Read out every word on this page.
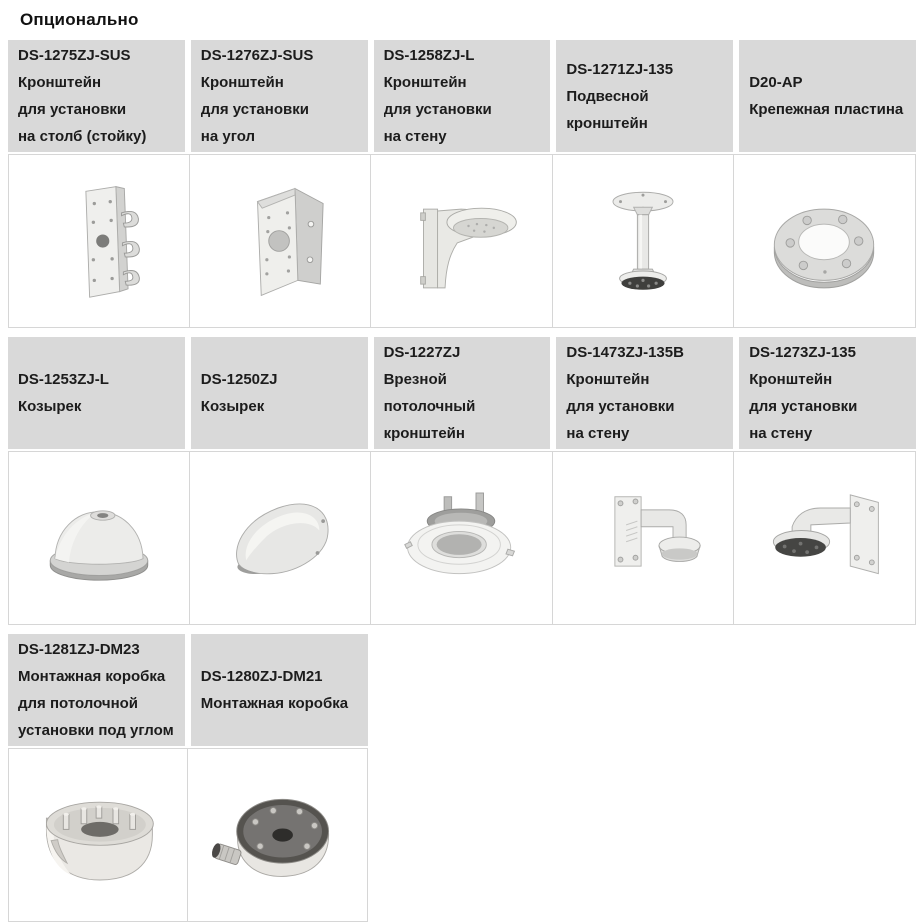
Опционально
DS-1275ZJ-SUS
Кронштейн
для установки
на столб (стойку)
DS-1276ZJ-SUS
Кронштейн
для установки
на угол
DS-1258ZJ-L
Кронштейн
для установки
на стену
DS-1271ZJ-135
Подвесной
кронштейн
D20-AP
Крепежная пластина
DS-1253ZJ-L
Козырек
DS-1250ZJ
Козырек
DS-1227ZJ
Врезной
потолочный
кронштейн
DS-1473ZJ-135B
Кронштейн
для установки
на стену
DS-1273ZJ-135
Кронштейн
для установки
на стену
DS-1281ZJ-DM23
Монтажная коробка
для потолочной
установки под углом
DS-1280ZJ-DM21
Монтажная коробка
